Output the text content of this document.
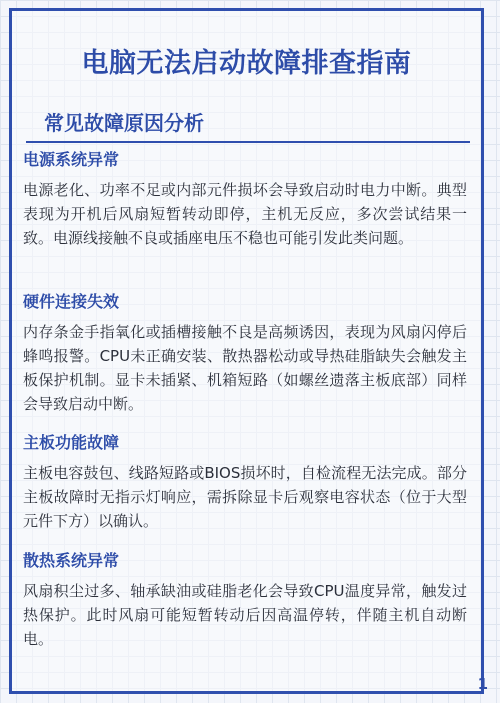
电脑无法启动故障排查指南
常见故障原因分析
电源系统异常
电源老化、功率不足或内部元件损坏会导致启动时电力中断。典型表现为开机后风扇短暂转动即停，主机无反应，多次尝试结果一致。电源线接触不良或插座电压不稳也可能引发此类问题。
硬件连接失效
内存条金手指氧化或插槽接触不良是高频诱因，表现为风扇闪停后蜂鸣报警。CPU未正确安装、散热器松动或导热硅脂缺失会触发主板保护机制。显卡未插紧、机箱短路（如螺丝遗落主板底部）同样会导致启动中断。
主板功能故障
主板电容鼓包、线路短路或BIOS损坏时，自检流程无法完成。部分主板故障时无指示灯响应，需拆除显卡后观察电容状态（位于大型元件下方）以确认。
散热系统异常
风扇积尘过多、轴承缺油或硅脂老化会导致CPU温度异常，触发过热保护。此时风扇可能短暂转动后因高温停转，伴随主机自动断电。
1
